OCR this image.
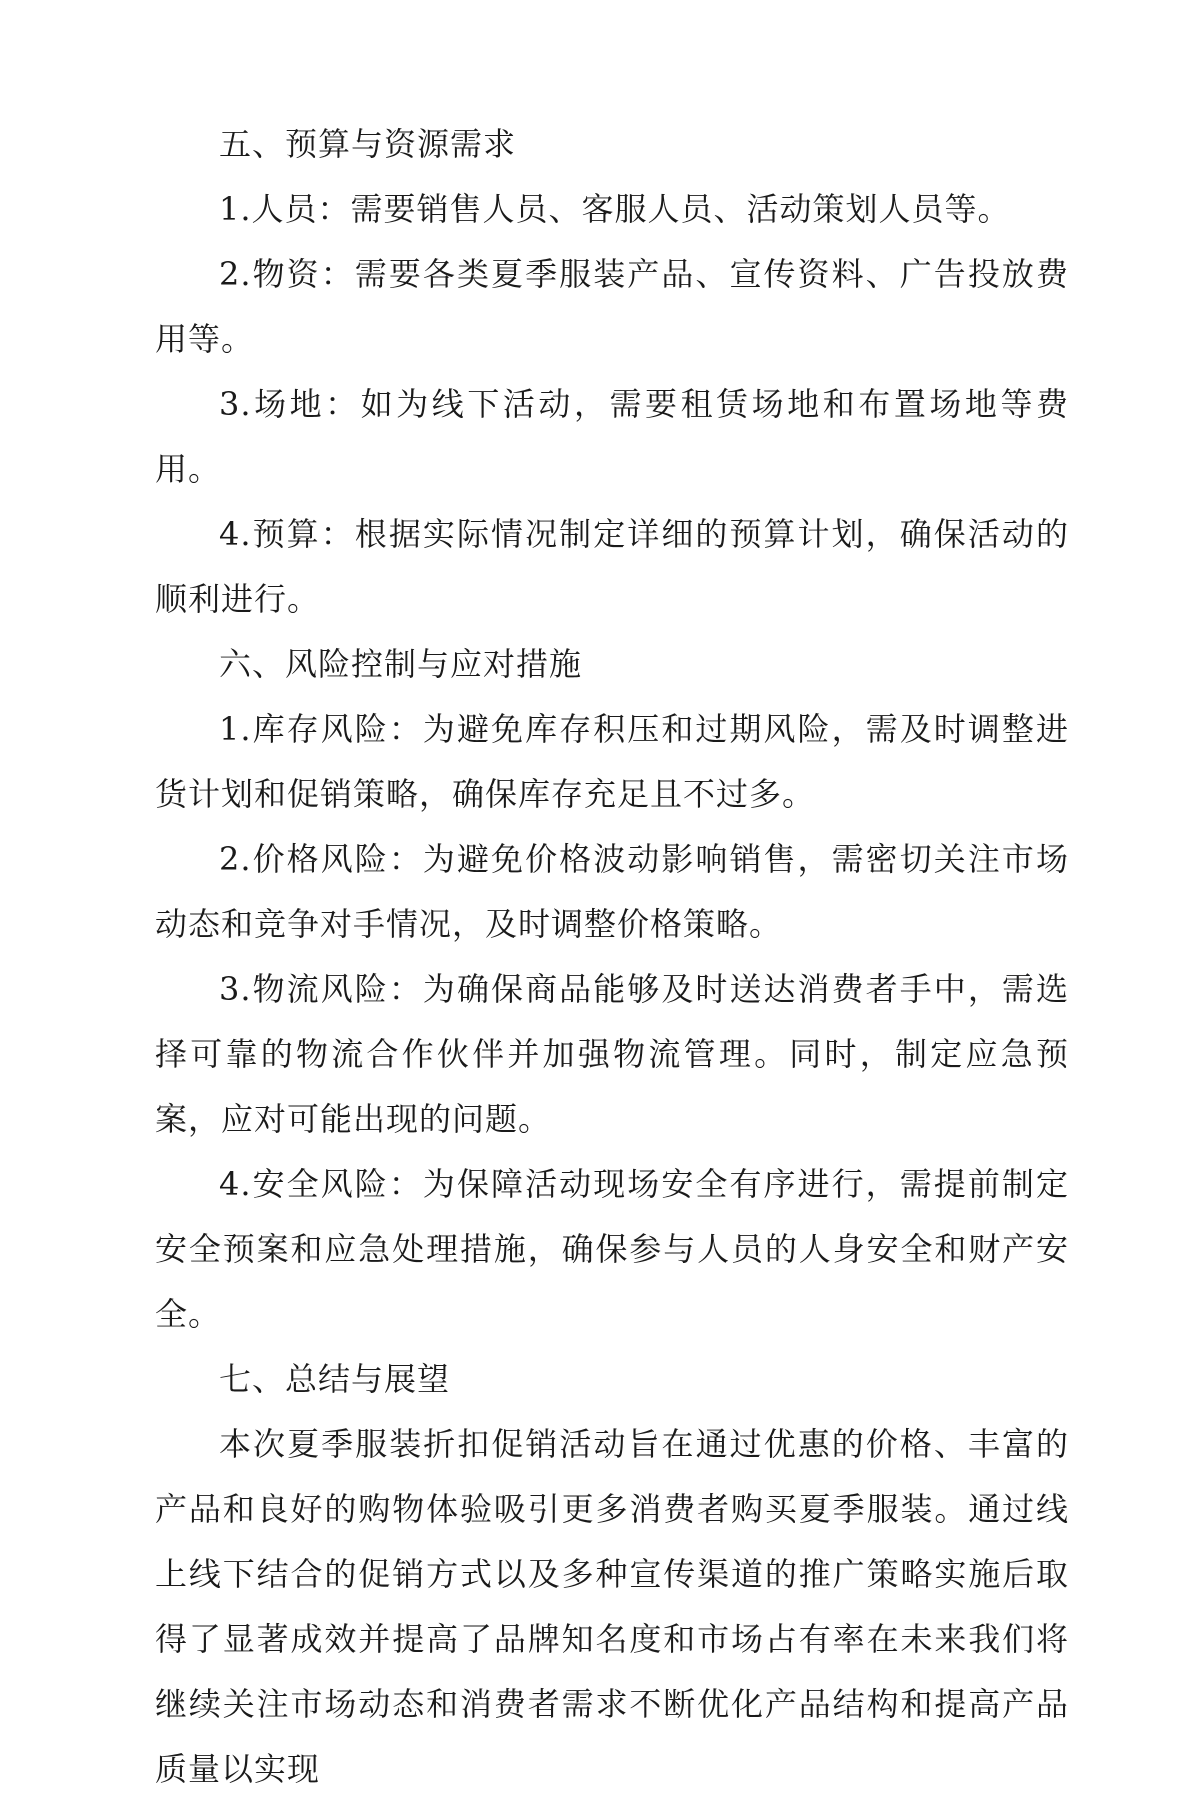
五、预算与资源需求

1.人员：需要销售人员、客服人员、活动策划人员等。

2.物资：需要各类夏季服装产品、宣传资料、广告投放费用等。

3.场地：如为线下活动，需要租赁场地和布置场地等费用。

4.预算：根据实际情况制定详细的预算计划，确保活动的顺利进行。

六、风险控制与应对措施

1.库存风险：为避免库存积压和过期风险，需及时调整进货计划和促销策略，确保库存充足且不过多。

2.价格风险：为避免价格波动影响销售，需密切关注市场动态和竞争对手情况，及时调整价格策略。

3.物流风险：为确保商品能够及时送达消费者手中，需选择可靠的物流合作伙伴并加强物流管理。同时，制定应急预案，应对可能出现的问题。

4.安全风险：为保障活动现场安全有序进行，需提前制定安全预案和应急处理措施，确保参与人员的人身安全和财产安全。

七、总结与展望

本次夏季服装折扣促销活动旨在通过优惠的价格、丰富的产品和良好的购物体验吸引更多消费者购买夏季服装。通过线上线下结合的促销方式以及多种宣传渠道的推广策略实施后取得了显著成效并提高了品牌知名度和市场占有率在未来我们将继续关注市场动态和消费者需求不断优化产品结构和提高产品质量以实现
